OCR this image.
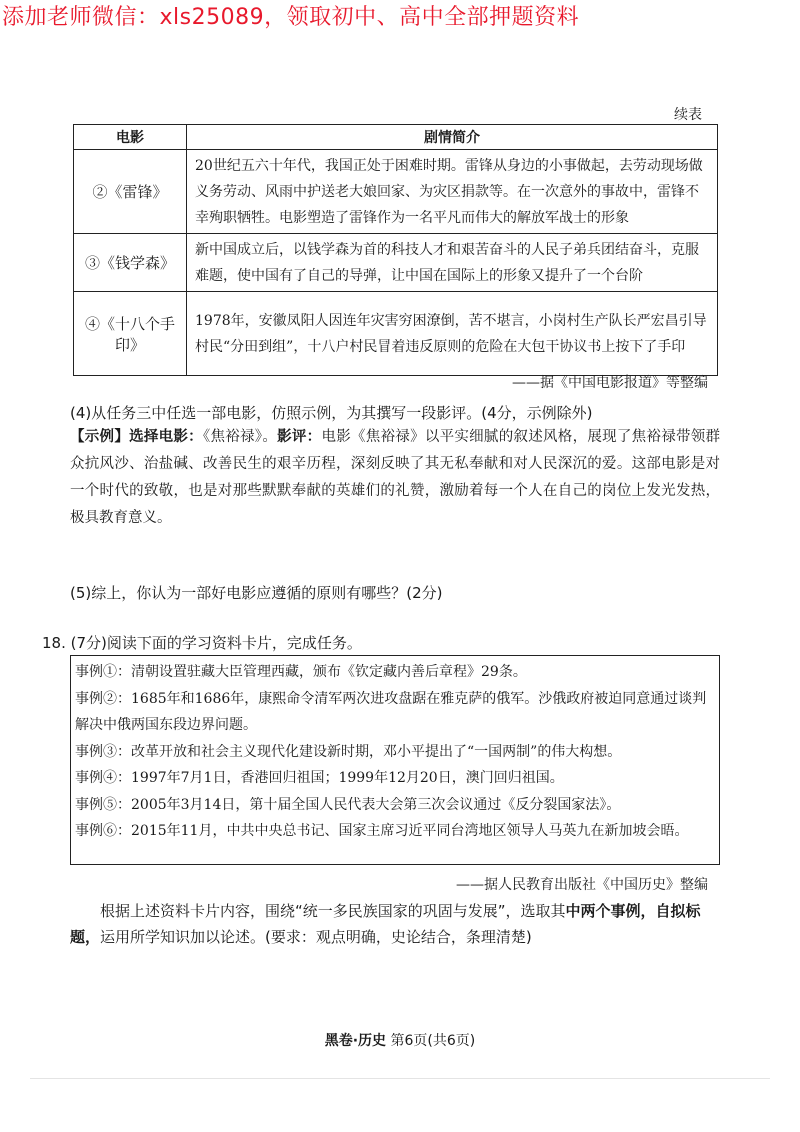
添加老师微信：xls25089，领取初中、高中全部押题资料
续表
电影	剧情简介
②《雷锋》	20世纪五六十年代，我国正处于困难时期。雷锋从身边的小事做起，去劳动现场做义务劳动、风雨中护送老大娘回家、为灾区捐款等。在一次意外的事故中，雷锋不幸殉职牺牲。电影塑造了雷锋作为一名平凡而伟大的解放军战士的形象
③《钱学森》	新中国成立后，以钱学森为首的科技人才和艰苦奋斗的人民子弟兵团结奋斗，克服难题，使中国有了自己的导弹，让中国在国际上的形象又提升了一个台阶
④《十八个手印》	1978年，安徽凤阳人因连年灾害穷困潦倒，苦不堪言，小岗村生产队长严宏昌引导村民“分田到组”，十八户村民冒着违反原则的危险在大包干协议书上按下了手印
——据《中国电影报道》等整编
(4)从任务三中任选一部电影，仿照示例，为其撰写一段影评。(4分，示例除外)
【示例】选择电影：《焦裕禄》。影评：电影《焦裕禄》以平实细腻的叙述风格，展现了焦裕禄带领群众抗风沙、治盐碱、改善民生的艰辛历程，深刻反映了其无私奉献和对人民深沉的爱。这部电影是对一个时代的致敬，也是对那些默默奉献的英雄们的礼赞，激励着每一个人在自己的岗位上发光发热，极具教育意义。
(5)综上，你认为一部好电影应遵循的原则有哪些？(2分)
18. (7分)阅读下面的学习资料卡片，完成任务。

事例①：清朝设置驻藏大臣管理西藏，颁布《钦定藏内善后章程》29条。

事例②：1685年和1686年，康熙命令清军两次进攻盘踞在雅克萨的俄军。沙俄政府被迫同意通过谈判解决中俄两国东段边界问题。

事例③：改革开放和社会主义现代化建设新时期，邓小平提出了“一国两制”的伟大构想。

事例④：1997年7月1日，香港回归祖国；1999年12月20日，澳门回归祖国。

事例⑤：2005年3月14日，第十届全国人民代表大会第三次会议通过《反分裂国家法》。

事例⑥：2015年11月，中共中央总书记、国家主席习近平同台湾地区领导人马英九在新加坡会晤。

——据人民教育出版社《中国历史》整编
根据上述资料卡片内容，围绕“统一多民族国家的巩固与发展”，选取其中两个事例，自拟标题，运用所学知识加以论述。(要求：观点明确，史论结合，条理清楚)
黑卷·历史 第6页(共6页)
